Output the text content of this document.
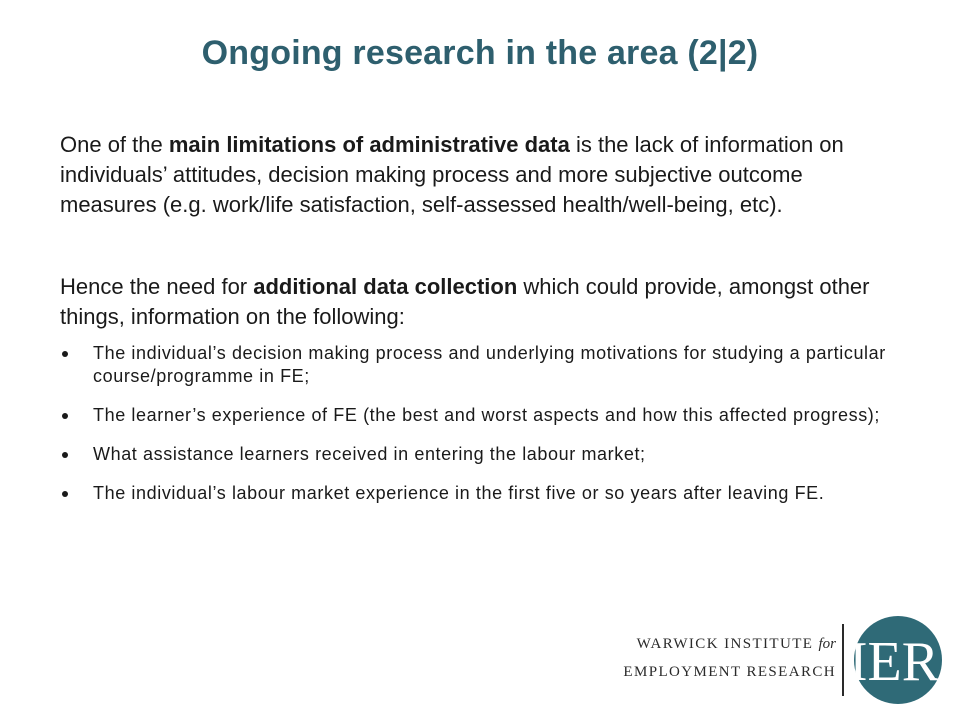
Ongoing research in the area (2|2)
One of the main limitations of administrative data is the lack of information on individuals’ attitudes, decision making process and more subjective outcome measures (e.g. work/life satisfaction, self-assessed health/well-being, etc).
Hence the need for additional data collection which could provide, amongst other things, information on the following:
The individual’s decision making process and underlying motivations for studying a particular course/programme in FE;
The learner’s experience of FE (the best and worst aspects and how this affected progress);
What assistance learners received in entering the labour market;
The individual’s labour market experience in the first five or so years after leaving FE.
WARWICK INSTITUTE for
EMPLOYMENT RESEARCH IER
